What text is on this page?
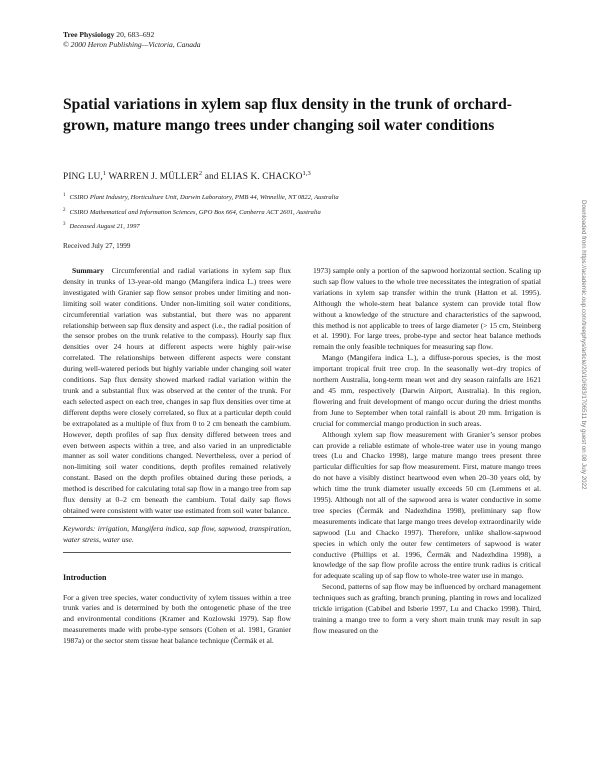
Tree Physiology 20, 683–692
© 2000 Heron Publishing—Victoria, Canada
Spatial variations in xylem sap flux density in the trunk of orchard-grown, mature mango trees under changing soil water conditions
PING LU,$^1$ WARREN J. MÜLLER$^2$ and ELIAS K. CHACKO$^{1,3}$
$^1$ CSIRO Plant Industry, Horticulture Unit, Darwin Laboratory, PMB 44, Winnellie, NT 0822, Australia
$^2$ CSIRO Mathematical and Information Sciences, GPO Box 664, Canberra ACT 2601, Australia
$^3$ Deceased August 21, 1997
Received July 27, 1999

Summary Circumferential and radial variations in xylem sap flux density in trunks of 13-year-old mango (Mangifera indica L.) trees were investigated with Granier sap flow sensor probes under limiting and non-limiting soil water conditions. Under non-limiting soil water conditions, circumferential variation was substantial, but there was no apparent relationship between sap flux density and aspect (i.e., the radial position of the sensor probes on the trunk relative to the compass). Hourly sap flux densities over 24 hours at different aspects were highly pair-wise correlated. The relationships between different aspects were constant during well-watered periods but highly variable under changing soil water conditions. Sap flux density showed marked radial variation within the trunk and a substantial flux was observed at the center of the trunk. For each selected aspect on each tree, changes in sap flux densities over time at different depths were closely correlated, so flux at a particular depth could be extrapolated as a multiple of flux from 0 to 2 cm beneath the cambium. However, depth profiles of sap flux density differed between trees and even between aspects within a tree, and also varied in an unpredictable manner as soil water conditions changed. Nevertheless, over a period of non-limiting soil water conditions, depth profiles remained relatively constant. Based on the depth profiles obtained during these periods, a method is described for calculating total sap flow in a mango tree from sap flux density at 0–2 cm beneath the cambium. Total daily sap flows obtained were consistent with water use estimated from soil water balance.

Keywords: irrigation, Mangifera indica, sap flow, sapwood, transpiration, water stress, water use.

Introduction

For a given tree species, water conductivity of xylem tissues within a tree trunk varies and is determined by both the ontogenetic phase of the tree and environmental conditions (Kramer and Kozlowski 1979). Sap flow measurements made with probe-type sensors (Cohen et al. 1981, Granier 1987a) or the sector stem tissue heat balance technique (Čermák et al.

1973) sample only a portion of the sapwood horizontal section. Scaling up such sap flow values to the whole tree necessitates the integration of spatial variations in xylem sap transfer within the trunk (Hatton et al. 1995). Although the whole-stem heat balance system can provide total flow without a knowledge of the structure and characteristics of the sapwood, this method is not applicable to trees of large diameter (> 15 cm, Steinberg et al. 1990). For large trees, probe-type and sector heat balance methods remain the only feasible techniques for measuring sap flow.

Mango (Mangifera indica L.), a diffuse-porous species, is the most important tropical fruit tree crop. In the seasonally wet–dry tropics of northern Australia, long-term mean wet and dry season rainfalls are 1621 and 45 mm, respectively (Darwin Airport, Australia). In this region, flowering and fruit development of mango occur during the driest months from June to September when total rainfall is about 20 mm. Irrigation is crucial for commercial mango production in such areas.

Although xylem sap flow measurement with Granier’s sensor probes can provide a reliable estimate of whole-tree water use in young mango trees (Lu and Chacko 1998), large mature mango trees present three particular difficulties for sap flow measurement. First, mature mango trees do not have a visibly distinct heartwood even when 20–30 years old, by which time the trunk diameter usually exceeds 50 cm (Lemmens et al. 1995). Although not all of the sapwood area is water conductive in some tree species (Čermák and Nadezhdina 1998), preliminary sap flow measurements indicate that large mango trees develop extraordinarily wide sapwood (Lu and Chacko 1997). Therefore, unlike shallow-sapwood species in which only the outer few centimeters of sapwood is water conductive (Phillips et al. 1996, Čermák and Nadezhdina 1998), a knowledge of the sap flow profile across the entire trunk radius is critical for adequate scaling up of sap flow to whole-tree water use in mango.

Second, patterns of sap flow may be influenced by orchard management techniques such as grafting, branch pruning, planting in rows and localized trickle irrigation (Cabibel and Isberie 1997, Lu and Chacko 1998). Third, training a mango tree to form a very short main trunk may result in sap flow measured on the

Downloaded from https://academic.oup.com/treephys/article/20/10/683/1706511 by guest on 08 July 2022
